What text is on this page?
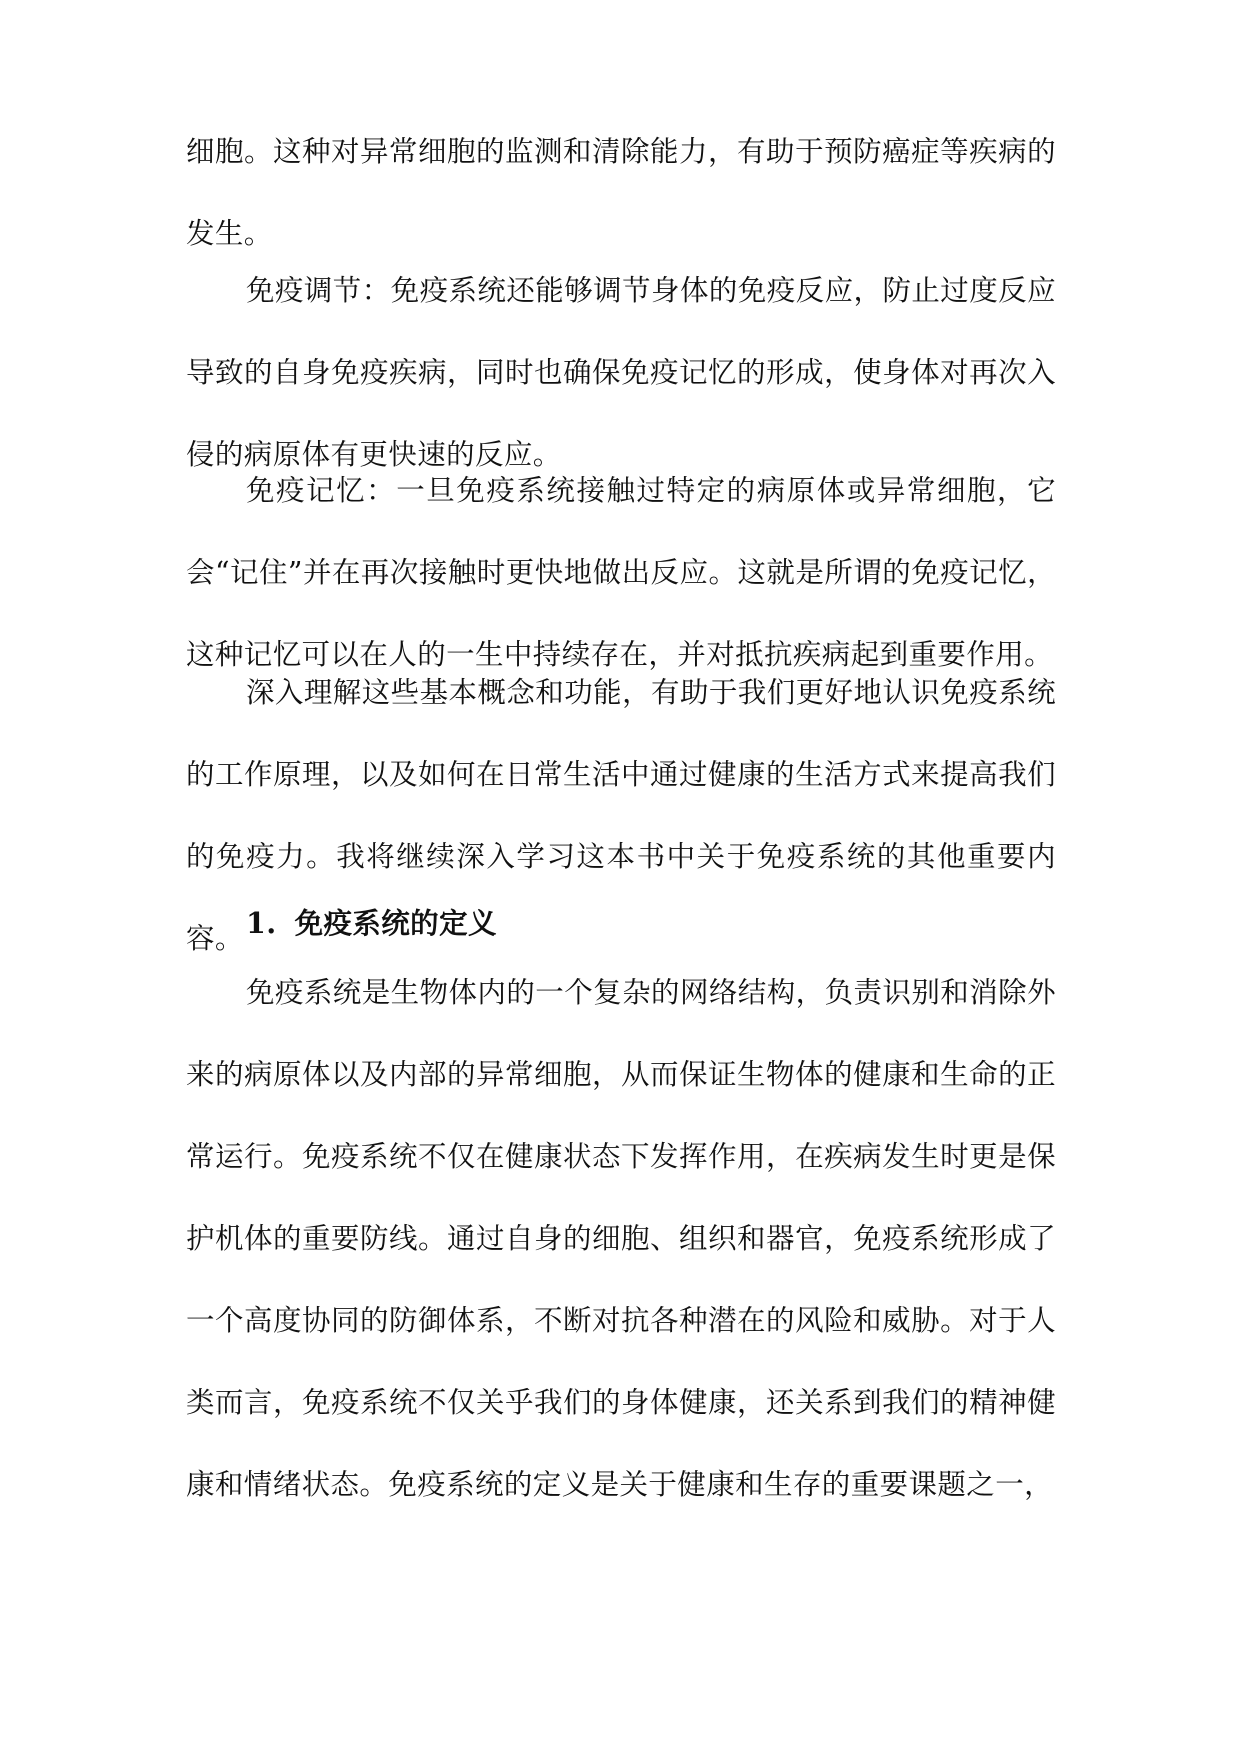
细胞。这种对异常细胞的监测和清除能力，有助于预防癌症等疾病的发生。

免疫调节：免疫系统还能够调节身体的免疫反应，防止过度反应导致的自身免疫疾病，同时也确保免疫记忆的形成，使身体对再次入侵的病原体有更快速的反应。

免疫记忆：一旦免疫系统接触过特定的病原体或异常细胞，它会“记住”并在再次接触时更快地做出反应。这就是所谓的免疫记忆，这种记忆可以在人的一生中持续存在，并对抵抗疾病起到重要作用。

深入理解这些基本概念和功能，有助于我们更好地认识免疫系统的工作原理，以及如何在日常生活中通过健康的生活方式来提高我们的免疫力。我将继续深入学习这本书中关于免疫系统的其他重要内容。 1. 免疫系统的定义

免疫系统是生物体内的一个复杂的网络结构，负责识别和消除外来的病原体以及内部的异常细胞，从而保证生物体的健康和生命的正常运行。免疫系统不仅在健康状态下发挥作用，在疾病发生时更是保护机体的重要防线。通过自身的细胞、组织和器官，免疫系统形成了一个高度协同的防御体系，不断对抗各种潜在的风险和威胁。对于人类而言，免疫系统不仅关乎我们的身体健康，还关系到我们的精神健康和情绪状态。免疫系统的定义是关于健康和生存的重要课题之一，
